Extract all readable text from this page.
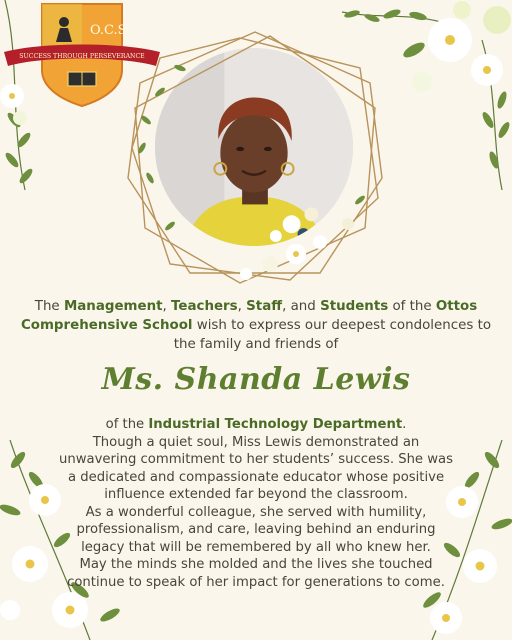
O.C.S.
SUCCESS THROUGH PERSEVERANCE

The Management, Teachers, Staff, and Students of the Ottos Comprehensive School wish to express our deepest condolences to the family and friends of

Ms. Shanda Lewis

of the Industrial Technology Department.
Though a quiet soul, Miss Lewis demonstrated an
unwavering commitment to her students’ success. She was
a dedicated and compassionate educator whose positive
influence extended far beyond the classroom.
As a wonderful colleague, she served with humility,
professionalism, and care, leaving behind an enduring
legacy that will be remembered by all who knew her.
May the minds she molded and the lives she touched
continue to speak of her impact for generations to come.
